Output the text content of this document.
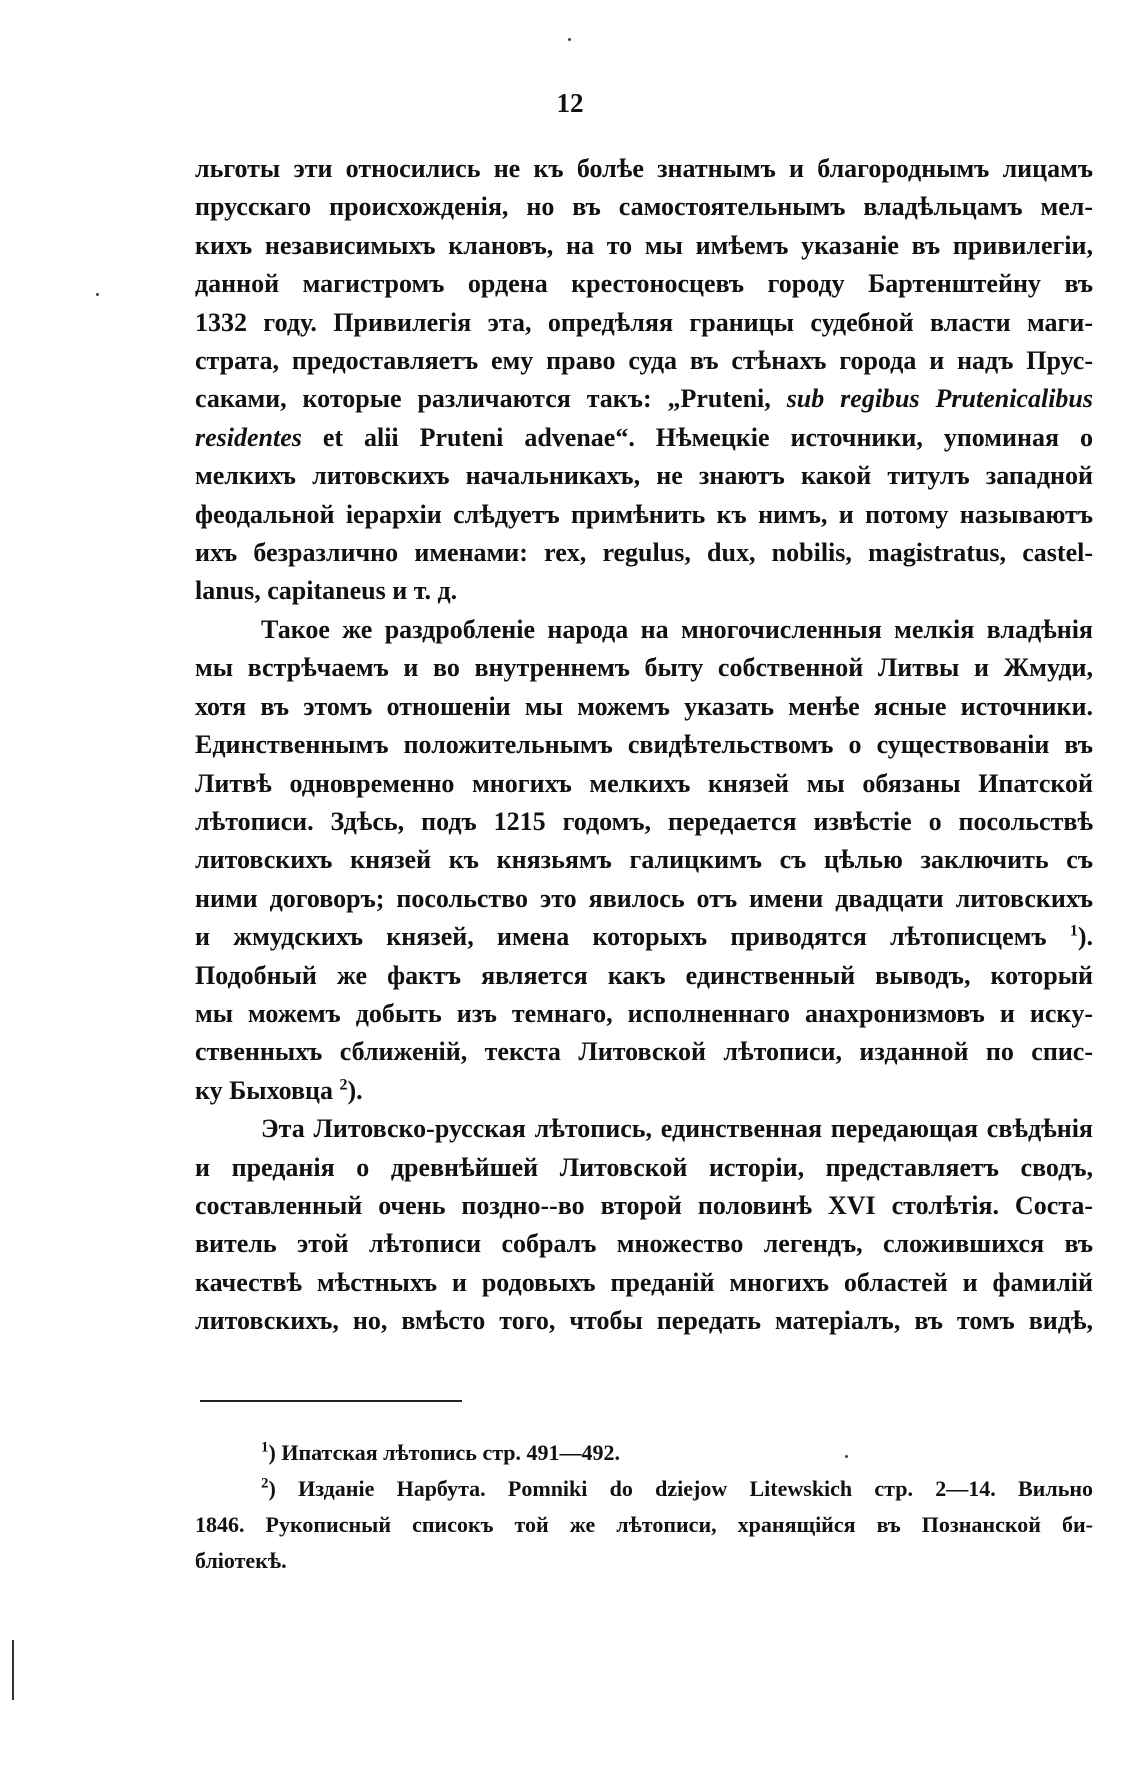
12
льготы эти относились не къ болѣе знатнымъ и благороднымъ лицамъ
прусскаго происхожденія, но въ самостоятельнымъ владѣльцамъ мел-
кихъ независимыхъ клановъ, на то мы имѣемъ указаніе въ привилегіи,
данной магистромъ ордена крестоносцевъ городу Бартенштейну въ
1332 году. Привилегія эта, опредѣляя границы судебной власти маги-
страта, предоставляетъ ему право суда въ стѣнахъ города и надъ Прус-
саками, которые различаются такъ: „Pruteni, sub regibus Prutenicalibus
residentes et alii Pruteni advenae“. Нѣмецкіе источники, упоминая о
мелкихъ литовскихъ начальникахъ, не знаютъ какой титулъ западной
феодальной іерархіи слѣдуетъ примѣнить къ нимъ, и потому называютъ
ихъ безразлично именами: rex, regulus, dux, nobilis, magistratus, castel-
lanus, capitaneus и т. д.
Такое же раздробленіе народа на многочисленныя мелкія владѣнія
мы встрѣчаемъ и во внутреннемъ быту собственной Литвы и Жмуди,
хотя въ этомъ отношеніи мы можемъ указать менѣе ясные источники.
Единственнымъ положительнымъ свидѣтельствомъ о существованіи въ
Литвѣ одновременно многихъ мелкихъ князей мы обязаны Ипатской
лѣтописи. Здѣсь, подъ 1215 годомъ, передается извѣстіе о посольствѣ
литовскихъ князей къ князьямъ галицкимъ съ цѣлью заключить съ
ними договоръ; посольство это явилось отъ имени двадцати литовскихъ
и жмудскихъ князей, имена которыхъ приводятся лѣтописцемъ $^1$).
Подобный же фактъ является какъ единственный выводъ, который
мы можемъ добыть изъ темнаго, исполненнаго анахронизмовъ и искy-
ственныхъ сближеній, текста Литовской лѣтописи, изданной по спис-
ку Быховца $^2$).
Эта Литовско-русская лѣтопись, единственная передающая свѣдѣнія
и преданія о древнѣйшей Литовской исторіи, представляетъ сводъ,
составленный очень поздно--во второй половинѣ XVI столѣтія. Соста-
витель этой лѣтописи собралъ множество легендъ, сложившихся въ
качествѣ мѣстныхъ и родовыхъ преданій многихъ областей и фамилій
литовскихъ, но, вмѣсто того, чтобы передать матеріалъ, въ томъ видѣ,
$^1$) Ипатская лѣтопись стр. 491—492.
$^2$) Изданіе Нарбута. Pomniki do dziejow Litewskich стр. 2—14. Вильно
1846. Рукописный списокъ той же лѣтописи, хранящійся въ Познанской би-
бліотекѣ.
